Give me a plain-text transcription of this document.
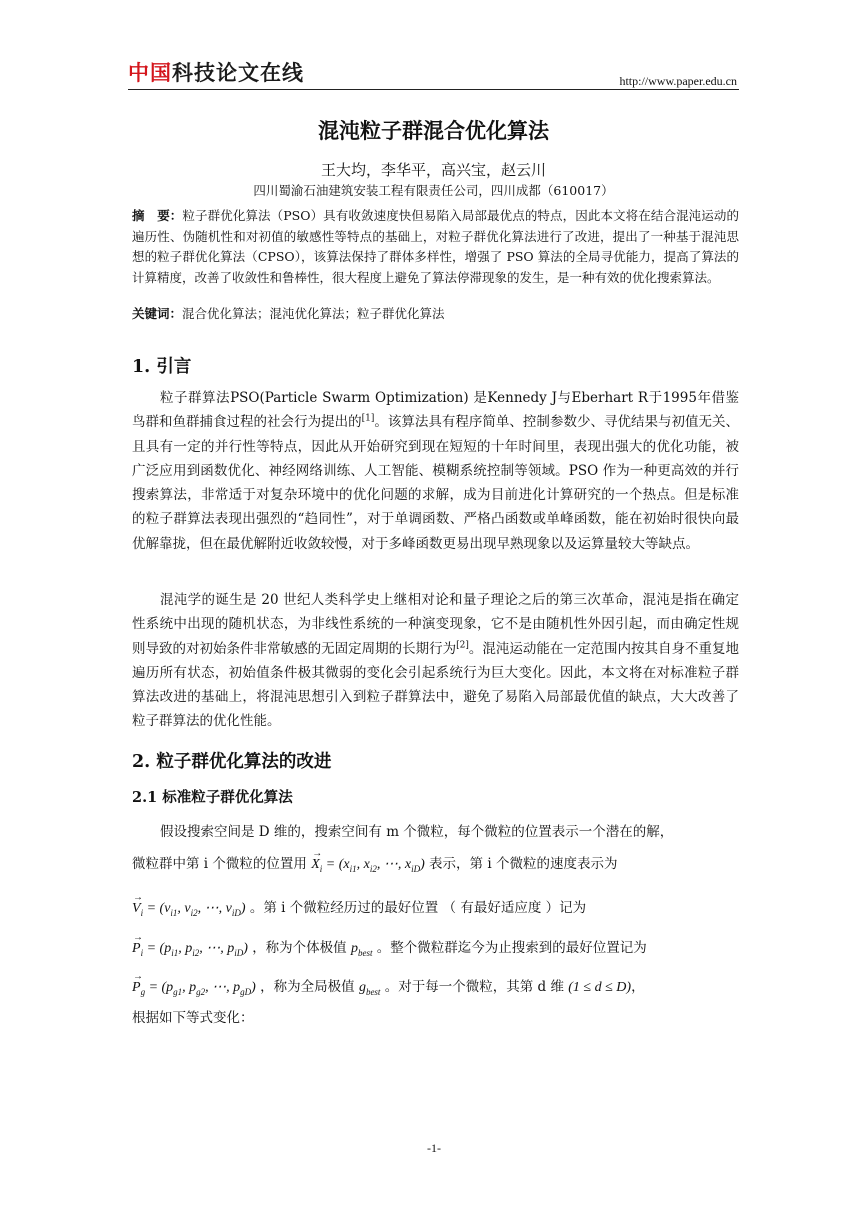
中国科技论文在线	http://www.paper.edu.cn
混沌粒子群混合优化算法
王大均，李华平，高兴宝，赵云川
四川蜀渝石油建筑安装工程有限责任公司，四川成都（610017）
摘　要：粒子群优化算法（PSO）具有收敛速度快但易陷入局部最优点的特点，因此本文将在结合混沌运动的遍历性、伪随机性和对初值的敏感性等特点的基础上，对粒子群优化算法进行了改进，提出了一种基于混沌思想的粒子群优化算法（CPSO），该算法保持了群体多样性，增强了 PSO 算法的全局寻优能力，提高了算法的计算精度，改善了收敛性和鲁棒性，很大程度上避免了算法停滞现象的发生，是一种有效的优化搜索算法。
关键词：混合优化算法；混沌优化算法；粒子群优化算法
1. 引言
粒子群算法PSO(Particle Swarm Optimization) 是Kennedy J与Eberhart R于1995年借鉴鸟群和鱼群捕食过程的社会行为提出的[1]。该算法具有程序简单、控制参数少、寻优结果与初值无关、且具有一定的并行性等特点，因此从开始研究到现在短短的十年时间里，表现出强大的优化功能，被广泛应用到函数优化、神经网络训练、人工智能、模糊系统控制等领域。PSO 作为一种更高效的并行搜索算法，非常适于对复杂环境中的优化问题的求解，成为目前进化计算研究的一个热点。但是标准的粒子群算法表现出强烈的“趋同性”，对于单调函数、严格凸函数或单峰函数，能在初始时很快向最优解靠拢，但在最优解附近收敛较慢，对于多峰函数更易出现早熟现象以及运算量较大等缺点。
混沌学的诞生是 20 世纪人类科学史上继相对论和量子理论之后的第三次革命，混沌是指在确定性系统中出现的随机状态，为非线性系统的一种演变现象，它不是由随机性外因引起，而由确定性规则导致的对初始条件非常敏感的无固定周期的长期行为[2]。混沌运动能在一定范围内按其自身不重复地遍历所有状态，初始值条件极其微弱的变化会引起系统行为巨大变化。因此，本文将在对标准粒子群算法改进的基础上，将混沌思想引入到粒子群算法中，避免了易陷入局部最优值的缺点，大大改善了粒子群算法的优化性能。
2. 粒子群优化算法的改进
2.1 标准粒子群优化算法
假设搜索空间是 D 维的，搜索空间有 m 个微粒，每个微粒的位置表示一个潜在的解，
微粒群中第 i 个微粒的位置用 → $X_i = (x_{i1}$, $x_{i2}$, ⋯, $x_{iD}$) 表示，第 i 个微粒的速度表示为
→ $V_i = (v_{i1}$, $v_{i2}$, ⋯, $v_{iD}$) 。第 i 个微粒经历过的最好位置 （ 有最好适应度 ）记为
→ $P_i = (p_{i1}$, $p_{i2}$, ⋯, $p_{iD}$) ，称为个体极值 $p_{best}$ 。整个微粒群迄今为止搜索到的最好位置记为
→ $P_g = (p_{g1}$, $p_{g2}$, ⋯, $p_{gD}$) ，称为全局极值 $g_{best}$ 。对于每一个微粒，其第 d 维 (1 ≤ d ≤ D)，
根据如下等式变化：
-1-
